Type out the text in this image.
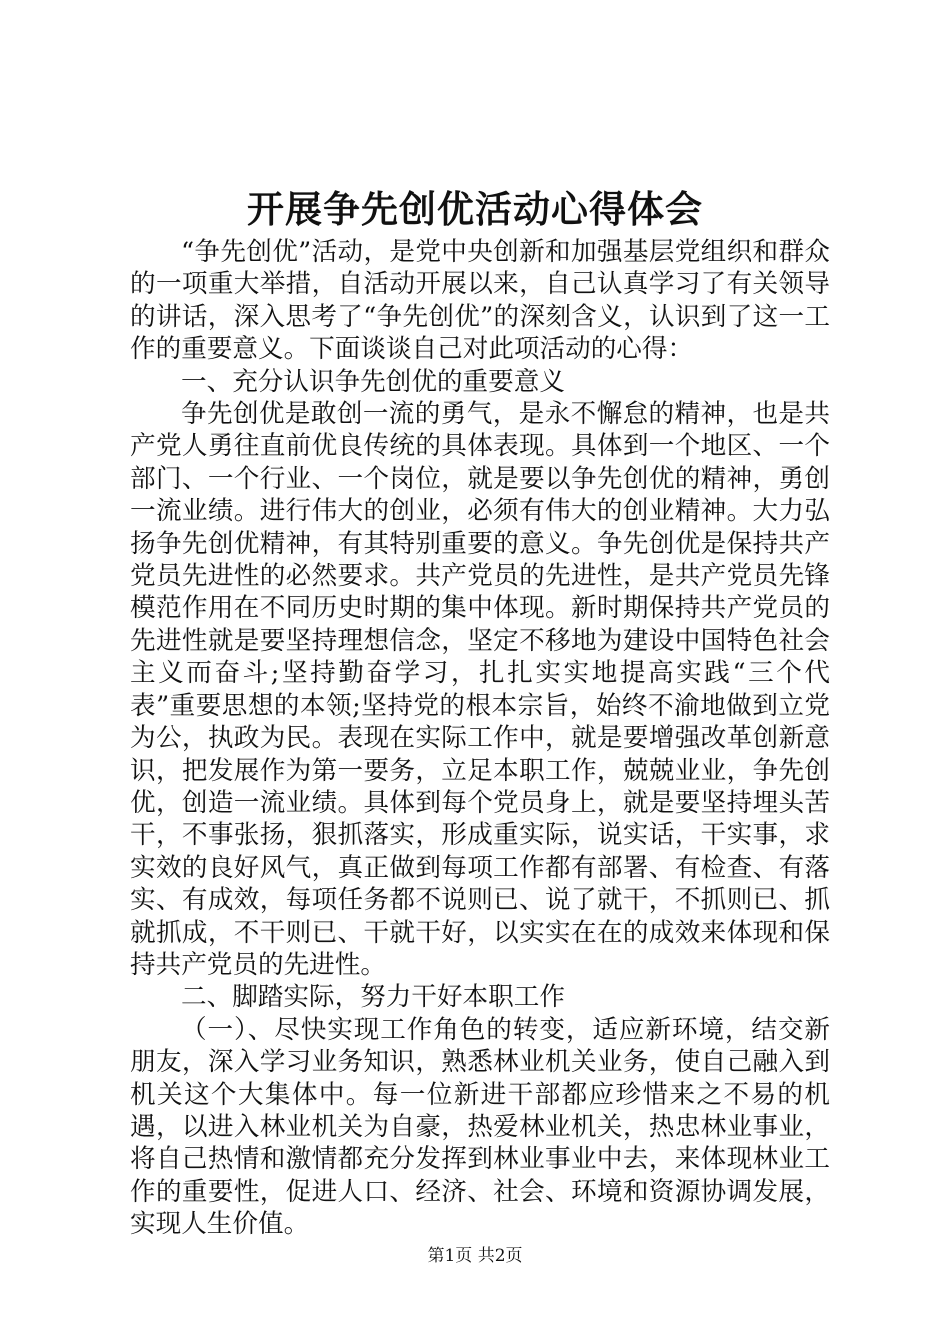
开展争先创优活动心得体会

“争先创优”活动，是党中央创新和加强基层党组织和群众的一项重大举措，自活动开展以来，自己认真学习了有关领导的讲话，深入思考了“争先创优”的深刻含义，认识到了这一工作的重要意义。下面谈谈自己对此项活动的心得：

一、充分认识争先创优的重要意义

争先创优是敢创一流的勇气，是永不懈怠的精神，也是共产党人勇往直前优良传统的具体表现。具体到一个地区、一个部门、一个行业、一个岗位，就是要以争先创优的精神，勇创一流业绩。进行伟大的创业，必须有伟大的创业精神。大力弘扬争先创优精神，有其特别重要的意义。争先创优是保持共产党员先进性的必然要求。共产党员的先进性，是共产党员先锋模范作用在不同历史时期的集中体现。新时期保持共产党员的先进性就是要坚持理想信念，坚定不移地为建设中国特色社会主义而奋斗;坚持勤奋学习，扎扎实实地提高实践“三个代表”重要思想的本领;坚持党的根本宗旨，始终不渝地做到立党为公，执政为民。表现在实际工作中，就是要增强改革创新意识，把发展作为第一要务，立足本职工作，兢兢业业，争先创优，创造一流业绩。具体到每个党员身上，就是要坚持埋头苦干，不事张扬，狠抓落实，形成重实际，说实话，干实事，求实效的良好风气，真正做到每项工作都有部署、有检查、有落实、有成效，每项任务都不说则已、说了就干，不抓则已、抓就抓成，不干则已、干就干好，以实实在在的成效来体现和保持共产党员的先进性。

二、脚踏实际，努力干好本职工作

（一）、尽快实现工作角色的转变，适应新环境，结交新朋友，深入学习业务知识，熟悉林业机关业务，使自己融入到机关这个大集体中。每一位新进干部都应珍惜来之不易的机遇，以进入林业机关为自豪，热爱林业机关，热忠林业事业，将自己热情和激情都充分发挥到林业事业中去，来体现林业工作的重要性，促进人口、经济、社会、环境和资源协调发展，实现人生价值。

第1页 共2页
